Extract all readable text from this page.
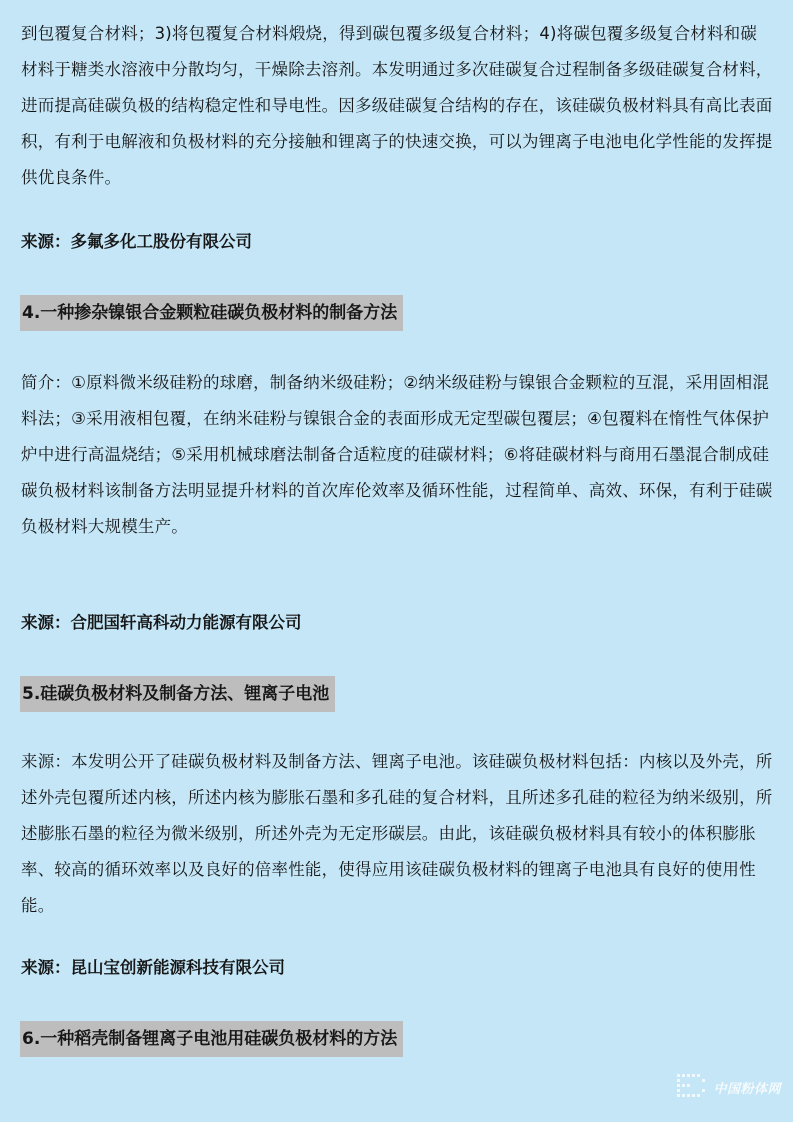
到包覆复合材料；3)将包覆复合材料煅烧，得到碳包覆多级复合材料；4)将碳包覆多级复合材料和碳材料于糖类水溶液中分散均匀，干燥除去溶剂。本发明通过多次硅碳复合过程制备多级硅碳复合材料，进而提高硅碳负极的结构稳定性和导电性。因多级硅碳复合结构的存在，该硅碳负极材料具有高比表面积，有利于电解液和负极材料的充分接触和锂离子的快速交换，可以为锂离子电池电化学性能的发挥提供优良条件。

来源：多氟多化工股份有限公司

4.一种掺杂镍银合金颗粒硅碳负极材料的制备方法

简介：①原料微米级硅粉的球磨，制备纳米级硅粉；②纳米级硅粉与镍银合金颗粒的互混，采用固相混料法；③采用液相包覆，在纳米硅粉与镍银合金的表面形成无定型碳包覆层；④包覆料在惰性气体保护炉中进行高温烧结；⑤采用机械球磨法制备合适粒度的硅碳材料；⑥将硅碳材料与商用石墨混合制成硅碳负极材料该制备方法明显提升材料的首次库伦效率及循环性能，过程简单、高效、环保，有利于硅碳负极材料大规模生产。

来源：合肥国轩高科动力能源有限公司

5.硅碳负极材料及制备方法、锂离子电池

来源：本发明公开了硅碳负极材料及制备方法、锂离子电池。该硅碳负极材料包括：内核以及外壳，所述外壳包覆所述内核，所述内核为膨胀石墨和多孔硅的复合材料，且所述多孔硅的粒径为纳米级别，所述膨胀石墨的粒径为微米级别，所述外壳为无定形碳层。由此，该硅碳负极材料具有较小的体积膨胀率、较高的循环效率以及良好的倍率性能，使得应用该硅碳负极材料的锂离子电池具有良好的使用性能。

来源：昆山宝创新能源科技有限公司

6.一种稻壳制备锂离子电池用硅碳负极材料的方法
中国粉体网
